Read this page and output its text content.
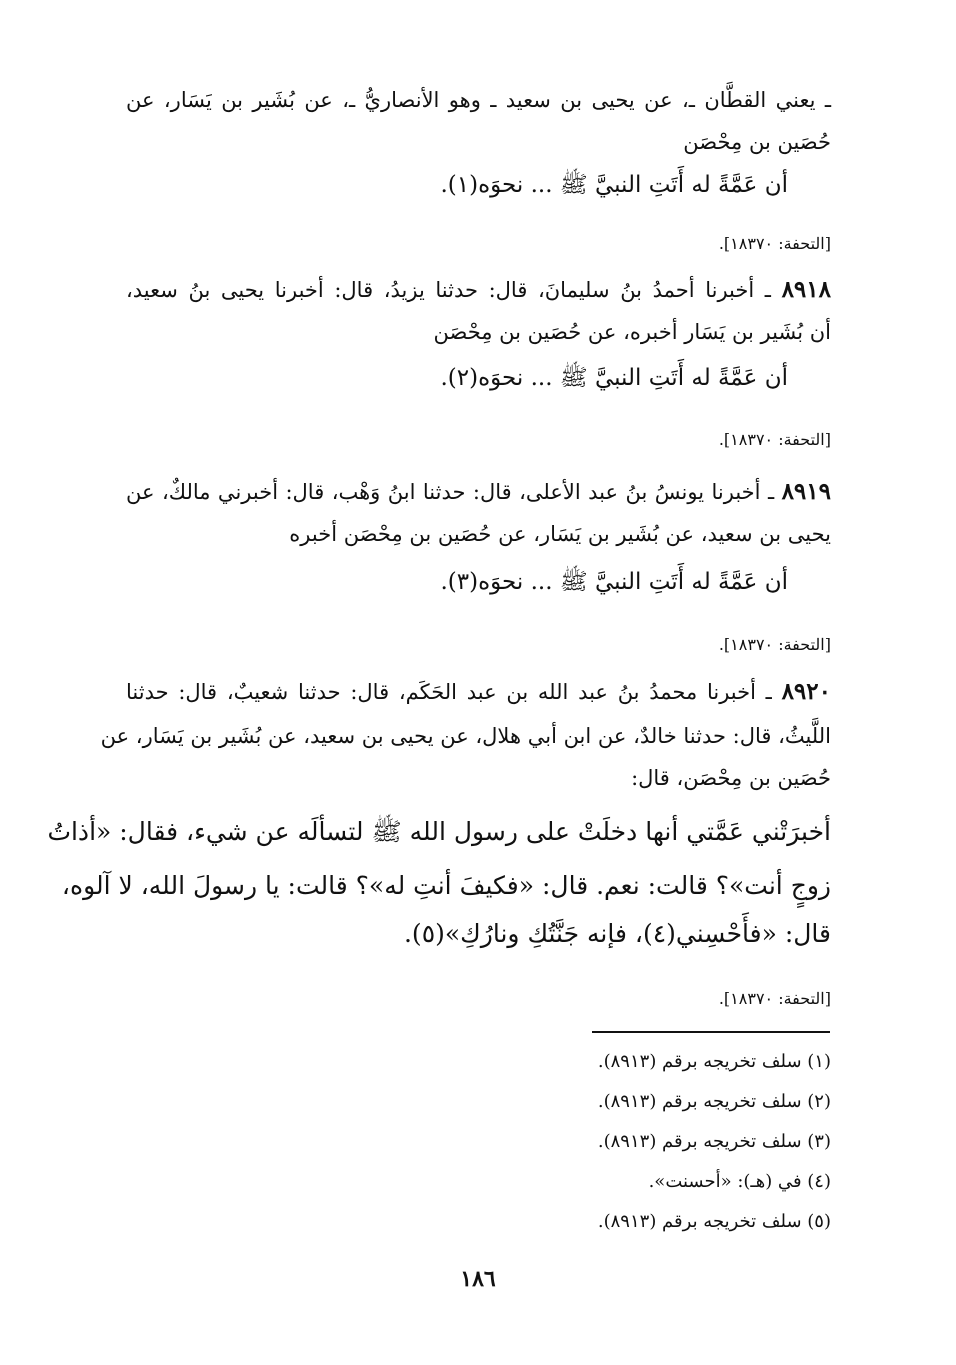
ـ يعني القطَّان ـ، عن يحيى بن سعيد ـ وهو الأنصاريُّ ـ، عن بُشَير بن يَسَار، عن
حُصَين بن مِحْصَن
أن عَمَّةً له أَتَتِ النبيَّ ﷺ ... نحوَه(١).
[التحفة: ١٨٣٧٠].
٨٩١٨ ـ أخبرنا أحمدُ بنُ سليمانَ، قال: حدثنا يزيدُ، قال: أخبرنا يحيى بنُ سعيد،
أن بُشَير بن يَسَار أخبره، عن حُصَين بن مِحْصَن
أن عَمَّةً له أَتَتِ النبيَّ ﷺ ... نحوَه(٢).
[التحفة: ١٨٣٧٠].
٨٩١٩ ـ أخبرنا يونسُ بنُ عبد الأعلى، قال: حدثنا ابنُ وَهْب، قال: أخبرني مالكٌ، عن
يحيى بن سعيد، عن بُشَير بن يَسَار، عن حُصَين بن مِحْصَن أخبره
أن عَمَّةً له أَتَتِ النبيَّ ﷺ ... نحوَه(٣).
[التحفة: ١٨٣٧٠].
٨٩٢٠ ـ أخبرنا محمدُ بنُ عبد الله بن عبد الحَكَم، قال: حدثنا شعيبٌ، قال: حدثنا
اللَّيثُ، قال: حدثنا خالدٌ، عن ابن أبي هلال، عن يحيى بن سعيد، عن بُشَير بن يَسَار، عن
حُصَين بن مِحْصَن، قال:
أخبرَتْني عَمَّتي أنها دخلَتْ على رسول الله ﷺ لتسألَه عن شيء، فقال: «أذاتُ
زوجٍ أنت»؟ قالت: نعم. قال: «فكيفَ أنتِ له»؟ قالت: يا رسولَ الله، لا آلوه،
قال: «فأَحْسِني(٤)، فإنه جَنَّتُكِ ونارُكِ»(٥).
[التحفة: ١٨٣٧٠].
(١) سلف تخريجه برقم (٨٩١٣).
(٢) سلف تخريجه برقم (٨٩١٣).
(٣) سلف تخريجه برقم (٨٩١٣).
(٤) في (هـ): «أحسنت».
(٥) سلف تخريجه برقم (٨٩١٣).
١٨٦
